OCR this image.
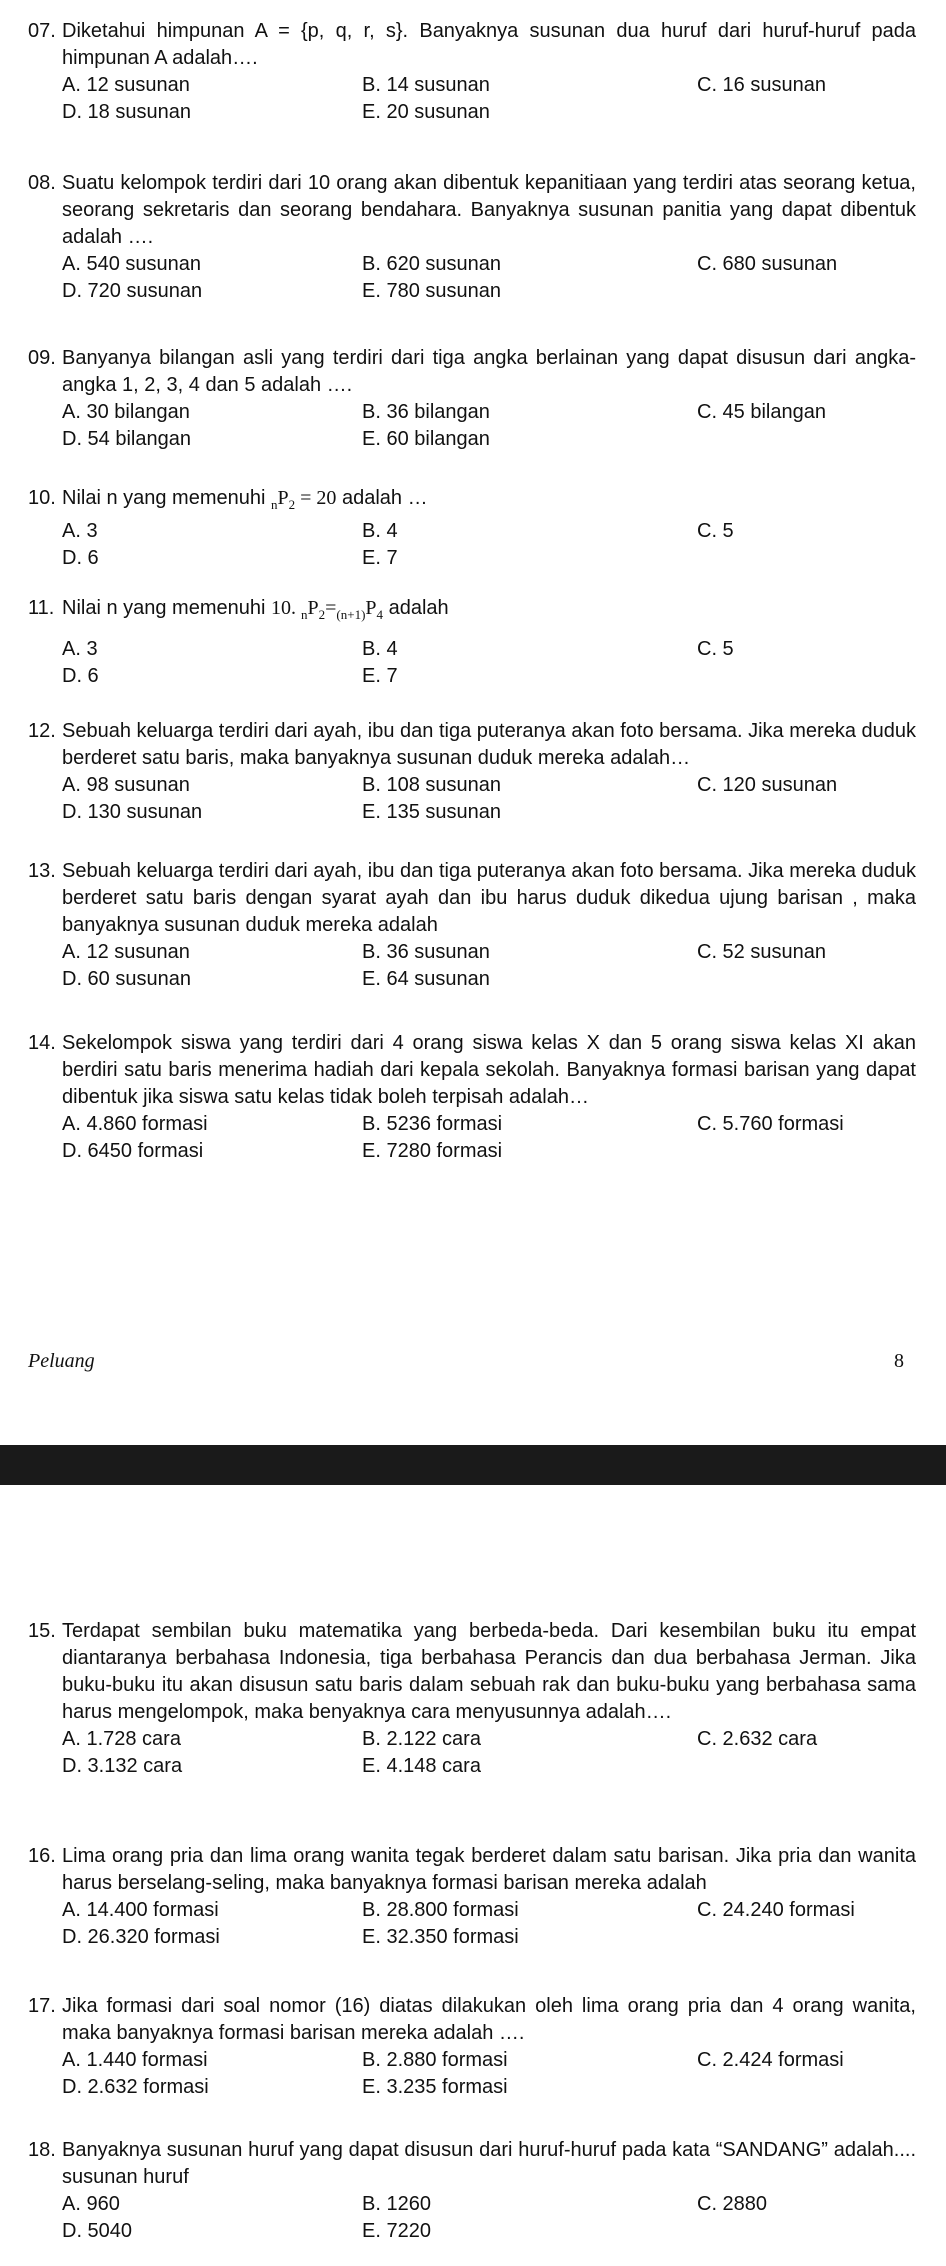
07. Diketahui himpunan A = {p, q, r, s}. Banyaknya susunan dua huruf dari huruf-huruf pada himpunan A adalah….
A. 12 susunan	B. 14 susunan	C. 16 susunan
D. 18 susunan	E. 20 susunan
08. Suatu kelompok terdiri dari 10 orang akan dibentuk kepanitiaan yang terdiri atas seorang ketua, seorang sekretaris dan seorang bendahara. Banyaknya susunan panitia yang dapat dibentuk adalah ….
A. 540 susunan	B. 620 susunan	C. 680 susunan
D. 720 susunan	E. 780 susunan
09. Banyanya bilangan asli yang terdiri dari tiga angka berlainan yang dapat disusun dari angka-angka 1, 2, 3, 4 dan 5 adalah ….
A. 30 bilangan	B. 36 bilangan	C. 45 bilangan
D. 54 bilangan	E. 60 bilangan
10. Nilai n yang memenuhi $_nP_2 = 20$ adalah …
A. 3	B. 4	C. 5
D. 6	E. 7
11. Nilai n yang memenuhi 10. $_nP_2=_{(n+1)}P_4$ adalah
A. 3	B. 4	C. 5
D. 6	E. 7
12. Sebuah keluarga terdiri dari ayah, ibu dan tiga puteranya akan foto bersama. Jika mereka duduk berderet satu baris, maka banyaknya susunan duduk mereka adalah…
A. 98 susunan	B. 108 susunan	C. 120 susunan
D. 130 susunan	E. 135 susunan
13. Sebuah keluarga terdiri dari ayah, ibu dan tiga puteranya akan foto bersama. Jika mereka duduk berderet satu baris dengan syarat ayah dan ibu harus duduk dikedua ujung barisan , maka banyaknya susunan duduk mereka adalah
A. 12 susunan	B. 36 susunan	C. 52 susunan
D. 60 susunan	E. 64 susunan
14. Sekelompok siswa yang terdiri dari 4 orang siswa kelas X dan 5 orang siswa kelas XI akan berdiri satu baris menerima hadiah dari kepala sekolah. Banyaknya formasi barisan yang dapat dibentuk jika siswa satu kelas tidak boleh terpisah adalah…
A. 4.860 formasi	B. 5236 formasi	C. 5.760 formasi
D. 6450 formasi	E. 7280 formasi
Peluang	8
15. Terdapat sembilan buku matematika yang berbeda-beda. Dari kesembilan buku itu empat diantaranya berbahasa Indonesia, tiga berbahasa Perancis dan dua berbahasa Jerman. Jika buku-buku itu akan disusun satu baris dalam sebuah rak dan buku-buku yang berbahasa sama harus mengelompok, maka benyaknya cara menyusunnya adalah….
A. 1.728 cara	B. 2.122 cara	C. 2.632 cara
D. 3.132 cara	E. 4.148 cara
16. Lima orang pria dan lima orang wanita tegak berderet dalam satu barisan. Jika pria dan wanita harus berselang-seling, maka banyaknya formasi barisan mereka adalah
A. 14.400 formasi	B. 28.800 formasi	C. 24.240 formasi
D. 26.320 formasi	E. 32.350 formasi
17. Jika formasi dari soal nomor (16) diatas dilakukan oleh lima orang pria dan 4 orang wanita, maka banyaknya formasi barisan mereka adalah ….
A. 1.440 formasi	B. 2.880 formasi	C. 2.424 formasi
D. 2.632 formasi	E. 3.235 formasi
18. Banyaknya susunan huruf yang dapat disusun dari huruf-huruf pada kata “SANDANG” adalah.... susunan huruf
A. 960	B. 1260	C. 2880
D. 5040	E. 7220
